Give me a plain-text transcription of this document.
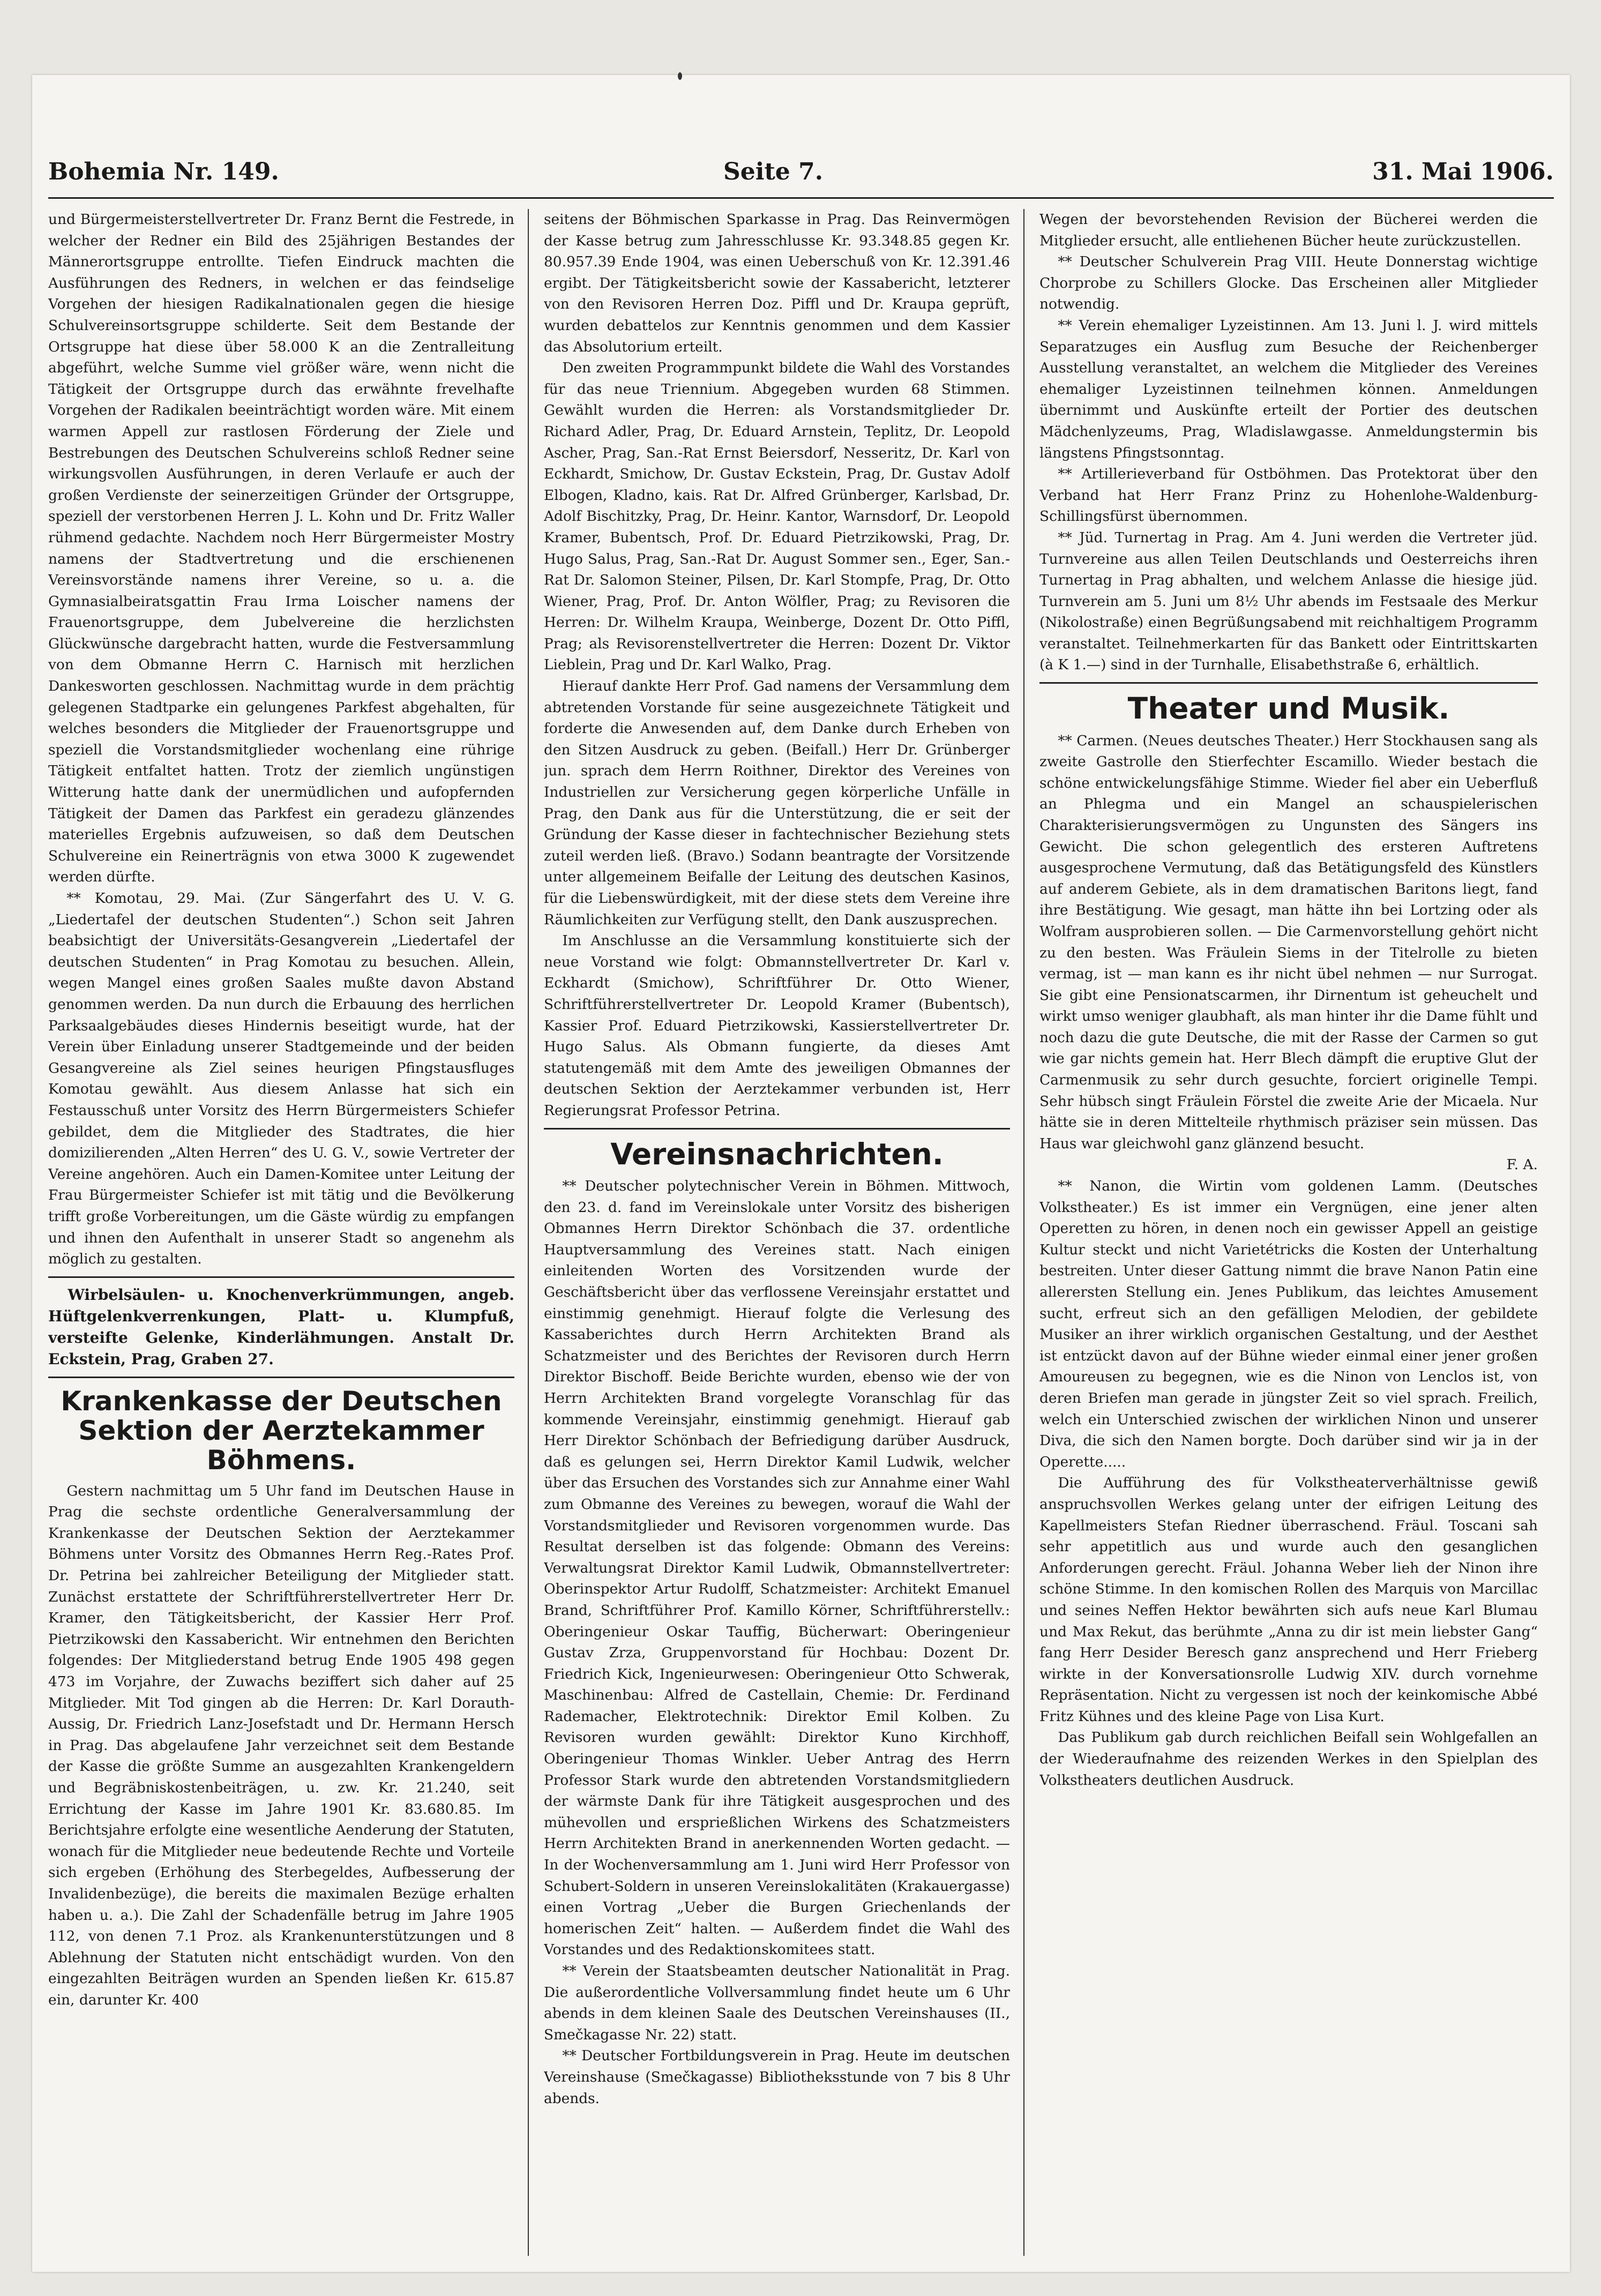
Bohemia Nr. 149.	Seite 7.	31. Mai 1906.

und Bürgermeisterstellvertreter Dr. Franz Bernt die Festrede, in welcher der Redner ein Bild des 25jährigen Bestandes der Männerortsgruppe entrollte. Tiefen Eindruck machten die Ausführungen des Redners, in welchen er das feindselige Vorgehen der hiesigen Radikalnationalen gegen die hiesige Schulvereinsortsgruppe schilderte. Seit dem Bestande der Ortsgruppe hat diese über 58.000 K an die Zentralleitung abgeführt, welche Summe viel größer wäre, wenn nicht die Tätigkeit der Ortsgruppe durch das erwähnte frevelhafte Vorgehen der Radikalen beeinträchtigt worden wäre. Mit einem warmen Appell zur rastlosen Förderung der Ziele und Bestrebungen des Deutschen Schulvereins schloß Redner seine wirkungsvollen Ausführungen, in deren Verlaufe er auch der großen Verdienste der seinerzeitigen Gründer der Ortsgruppe, speziell der verstorbenen Herren J. L. Kohn und Dr. Fritz Waller rühmend gedachte. Nachdem noch Herr Bürgermeister Mostry namens der Stadtvertretung und die erschienenen Vereinsvorstände namens ihrer Vereine, so u. a. die Gymnasialbeiratsgattin Frau Irma Loischer namens der Frauenortsgruppe, dem Jubelvereine die herzlichsten Glückwünsche dargebracht hatten, wurde die Festversammlung von dem Obmanne Herrn C. Harnisch mit herzlichen Dankesworten geschlossen. Nachmittag wurde in dem prächtig gelegenen Stadtparke ein gelungenes Parkfest abgehalten, für welches besonders die Mitglieder der Frauenortsgruppe und speziell die Vorstandsmitglieder wochenlang eine rührige Tätigkeit entfaltet hatten. Trotz der ziemlich ungünstigen Witterung hatte dank der unermüdlichen und aufopfernden Tätigkeit der Damen das Parkfest ein geradezu glänzendes materielles Ergebnis aufzuweisen, so daß dem Deutschen Schulvereine ein Reinerträgnis von etwa 3000 K zugewendet werden dürfte.

** Komotau, 29. Mai. (Zur Sängerfahrt des U. V. G. „Liedertafel der deutschen Studenten“.) Schon seit Jahren beabsichtigt der Universitäts-Gesangverein „Liedertafel der deutschen Studenten“ in Prag Komotau zu besuchen. Allein, wegen Mangel eines großen Saales mußte davon Abstand genommen werden. Da nun durch die Erbauung des herrlichen Parksaalgebäudes dieses Hindernis beseitigt wurde, hat der Verein über Einladung unserer Stadtgemeinde und der beiden Gesangvereine als Ziel seines heurigen Pfingstausfluges Komotau gewählt. Aus diesem Anlasse hat sich ein Festausschuß unter Vorsitz des Herrn Bürgermeisters Schiefer gebildet, dem die Mitglieder des Stadtrates, die hier domizilierenden „Alten Herren“ des U. G. V., sowie Vertreter der Vereine angehören. Auch ein Damen-Komitee unter Leitung der Frau Bürgermeister Schiefer ist mit tätig und die Bevölkerung trifft große Vorbereitungen, um die Gäste würdig zu empfangen und ihnen den Aufenthalt in unserer Stadt so angenehm als möglich zu gestalten.

Wirbelsäulen- u. Knochenverkrümmungen, angeb. Hüftgelenkverrenkungen, Platt- u. Klumpfuß, versteifte Gelenke, Kinderlähmungen. Anstalt Dr. Eckstein, Prag, Graben 27.

Krankenkasse der Deutschen Sektion der Aerztekammer Böhmens.

Gestern nachmittag um 5 Uhr fand im Deutschen Hause in Prag die sechste ordentliche Generalversammlung der Krankenkasse der Deutschen Sektion der Aerztekammer Böhmens unter Vorsitz des Obmannes Herrn Reg.-Rates Prof. Dr. Petrina bei zahlreicher Beteiligung der Mitglieder statt. Zunächst erstattete der Schriftführerstellvertreter Herr Dr. Kramer, den Tätigkeitsbericht, der Kassier Herr Prof. Pietrzikowski den Kassabericht. Wir entnehmen den Berichten folgendes: Der Mitgliederstand betrug Ende 1905 498 gegen 473 im Vorjahre, der Zuwachs beziffert sich daher auf 25 Mitglieder. Mit Tod gingen ab die Herren: Dr. Karl Dorauth-Aussig, Dr. Friedrich Lanz-Josefstadt und Dr. Hermann Hersch in Prag. Das abgelaufene Jahr verzeichnet seit dem Bestande der Kasse die größte Summe an ausgezahlten Krankengeldern und Begräbniskostenbeiträgen, u. zw. Kr. 21.240, seit Errichtung der Kasse im Jahre 1901 Kr. 83.680.85. Im Berichtsjahre erfolgte eine wesentliche Aenderung der Statuten, wonach für die Mitglieder neue bedeutende Rechte und Vorteile sich ergeben (Erhöhung des Sterbegeldes, Aufbesserung der Invalidenbezüge), die bereits die maximalen Bezüge erhalten haben u. a.). Die Zahl der Schadenfälle betrug im Jahre 1905 112, von denen 7.1 Proz. als Krankenunterstützungen und 8 Ablehnung der Statuten nicht entschädigt wurden. Von den eingezahlten Beiträgen wurden an Spenden ließen Kr. 615.87 ein, darunter Kr. 400

seitens der Böhmischen Sparkasse in Prag. Das Reinvermögen der Kasse betrug zum Jahresschlusse Kr. 93.348.85 gegen Kr. 80.957.39 Ende 1904, was einen Ueberschuß von Kr. 12.391.46 ergibt. Der Tätigkeitsbericht sowie der Kassabericht, letzterer von den Revisoren Herren Doz. Piffl und Dr. Kraupa geprüft, wurden debattelos zur Kenntnis genommen und dem Kassier das Absolutorium erteilt.

Den zweiten Programmpunkt bildete die Wahl des Vorstandes für das neue Triennium. Abgegeben wurden 68 Stimmen. Gewählt wurden die Herren: als Vorstandsmitglieder Dr. Richard Adler, Prag, Dr. Eduard Arnstein, Teplitz, Dr. Leopold Ascher, Prag, San.-Rat Ernst Beiersdorf, Nesseritz, Dr. Karl von Eckhardt, Smichow, Dr. Gustav Eckstein, Prag, Dr. Gustav Adolf Elbogen, Kladno, kais. Rat Dr. Alfred Grünberger, Karlsbad, Dr. Adolf Bischitzky, Prag, Dr. Heinr. Kantor, Warnsdorf, Dr. Leopold Kramer, Bubentsch, Prof. Dr. Eduard Pietrzikowski, Prag, Dr. Hugo Salus, Prag, San.-Rat Dr. August Sommer sen., Eger, San.-Rat Dr. Salomon Steiner, Pilsen, Dr. Karl Stompfe, Prag, Dr. Otto Wiener, Prag, Prof. Dr. Anton Wölfler, Prag; zu Revisoren die Herren: Dr. Wilhelm Kraupa, Weinberge, Dozent Dr. Otto Piffl, Prag; als Revisorenstellvertreter die Herren: Dozent Dr. Viktor Lieblein, Prag und Dr. Karl Walko, Prag.

Hierauf dankte Herr Prof. Gad namens der Versammlung dem abtretenden Vorstande für seine ausgezeichnete Tätigkeit und forderte die Anwesenden auf, dem Danke durch Erheben von den Sitzen Ausdruck zu geben. (Beifall.) Herr Dr. Grünberger jun. sprach dem Herrn Roithner, Direktor des Vereines von Industriellen zur Versicherung gegen körperliche Unfälle in Prag, den Dank aus für die Unterstützung, die er seit der Gründung der Kasse dieser in fachtechnischer Beziehung stets zuteil werden ließ. (Bravo.) Sodann beantragte der Vorsitzende unter allgemeinem Beifalle der Leitung des deutschen Kasinos, für die Liebenswürdigkeit, mit der diese stets dem Vereine ihre Räumlichkeiten zur Verfügung stellt, den Dank auszusprechen.

Im Anschlusse an die Versammlung konstituierte sich der neue Vorstand wie folgt: Obmannstellvertreter Dr. Karl v. Eckhardt (Smichow), Schriftführer Dr. Otto Wiener, Schriftführerstellvertreter Dr. Leopold Kramer (Bubentsch), Kassier Prof. Eduard Pietrzikowski, Kassierstellvertreter Dr. Hugo Salus. Als Obmann fungierte, da dieses Amt statutengemäß mit dem Amte des jeweiligen Obmannes der deutschen Sektion der Aerztekammer verbunden ist, Herr Regierungsrat Professor Petrina.

Vereinsnachrichten.

** Deutscher polytechnischer Verein in Böhmen. Mittwoch, den 23. d. fand im Vereinslokale unter Vorsitz des bisherigen Obmannes Herrn Direktor Schönbach die 37. ordentliche Hauptversammlung des Vereines statt. Nach einigen einleitenden Worten des Vorsitzenden wurde der Geschäftsbericht über das verflossene Vereinsjahr erstattet und einstimmig genehmigt. Hierauf folgte die Verlesung des Kassaberichtes durch Herrn Architekten Brand als Schatzmeister und des Berichtes der Revisoren durch Herrn Direktor Bischoff. Beide Berichte wurden, ebenso wie der von Herrn Architekten Brand vorgelegte Voranschlag für das kommende Vereinsjahr, einstimmig genehmigt. Hierauf gab Herr Direktor Schönbach der Befriedigung darüber Ausdruck, daß es gelungen sei, Herrn Direktor Kamil Ludwik, welcher über das Ersuchen des Vorstandes sich zur Annahme einer Wahl zum Obmanne des Vereines zu bewegen, worauf die Wahl der Vorstandsmitglieder und Revisoren vorgenommen wurde. Das Resultat derselben ist das folgende: Obmann des Vereins: Verwaltungsrat Direktor Kamil Ludwik, Obmannstellvertreter: Oberinspektor Artur Rudolff, Schatzmeister: Architekt Emanuel Brand, Schriftführer Prof. Kamillo Körner, Schriftführerstellv.: Oberingenieur Oskar Tauffig, Bücherwart: Oberingenieur Gustav Zrza, Gruppenvorstand für Hochbau: Dozent Dr. Friedrich Kick, Ingenieurwesen: Oberingenieur Otto Schwerak, Maschinenbau: Alfred de Castellain, Chemie: Dr. Ferdinand Rademacher, Elektrotechnik: Direktor Emil Kolben. Zu Revisoren wurden gewählt: Direktor Kuno Kirchhoff, Oberingenieur Thomas Winkler. Ueber Antrag des Herrn Professor Stark wurde den abtretenden Vorstandsmitgliedern der wärmste Dank für ihre Tätigkeit ausgesprochen und des mühevollen und ersprießlichen Wirkens des Schatzmeisters Herrn Architekten Brand in anerkennenden Worten gedacht. — In der Wochenversammlung am 1. Juni wird Herr Professor von Schubert-Soldern in unseren Vereinslokalitäten (Krakauergasse) einen Vortrag „Ueber die Burgen Griechenlands der homerischen Zeit“ halten. — Außerdem findet die Wahl des Vorstandes und des Redaktionskomitees statt.

** Verein der Staatsbeamten deutscher Nationalität in Prag. Die außerordentliche Vollversammlung findet heute um 6 Uhr abends in dem kleinen Saale des Deutschen Vereinshauses (II., Smečkagasse Nr. 22) statt.

** Deutscher Fortbildungsverein in Prag. Heute im deutschen Vereinshause (Smečkagasse) Bibliotheksstunde von 7 bis 8 Uhr abends.

Wegen der bevorstehenden Revision der Bücherei werden die Mitglieder ersucht, alle entliehenen Bücher heute zurückzustellen.

** Deutscher Schulverein Prag VIII. Heute Donnerstag wichtige Chorprobe zu Schillers Glocke. Das Erscheinen aller Mitglieder notwendig.

** Verein ehemaliger Lyzeistinnen. Am 13. Juni l. J. wird mittels Separatzuges ein Ausflug zum Besuche der Reichenberger Ausstellung veranstaltet, an welchem die Mitglieder des Vereines ehemaliger Lyzeistinnen teilnehmen können. Anmeldungen übernimmt und Auskünfte erteilt der Portier des deutschen Mädchenlyzeums, Prag, Wladislawgasse. Anmeldungstermin bis längstens Pfingstsonntag.

** Artillerieverband für Ostböhmen. Das Protektorat über den Verband hat Herr Franz Prinz zu Hohenlohe-Waldenburg-Schillingsfürst übernommen.

** Jüd. Turnertag in Prag. Am 4. Juni werden die Vertreter jüd. Turnvereine aus allen Teilen Deutschlands und Oesterreichs ihren Turnertag in Prag abhalten, und welchem Anlasse die hiesige jüd. Turnverein am 5. Juni um 8½ Uhr abends im Festsaale des Merkur (Nikolostraße) einen Begrüßungsabend mit reichhaltigem Programm veranstaltet. Teilnehmerkarten für das Bankett oder Eintrittskarten (à K 1.—) sind in der Turnhalle, Elisabethstraße 6, erhältlich.

Theater und Musik.

** Carmen. (Neues deutsches Theater.) Herr Stockhausen sang als zweite Gastrolle den Stierfechter Escamillo. Wieder bestach die schöne entwickelungsfähige Stimme. Wieder fiel aber ein Ueberfluß an Phlegma und ein Mangel an schauspielerischen Charakterisierungsvermögen zu Ungunsten des Sängers ins Gewicht. Die schon gelegentlich des ersteren Auftretens ausgesprochene Vermutung, daß das Betätigungsfeld des Künstlers auf anderem Gebiete, als in dem dramatischen Baritons liegt, fand ihre Bestätigung. Wie gesagt, man hätte ihn bei Lortzing oder als Wolfram ausprobieren sollen. — Die Carmenvorstellung gehört nicht zu den besten. Was Fräulein Siems in der Titelrolle zu bieten vermag, ist — man kann es ihr nicht übel nehmen — nur Surrogat. Sie gibt eine Pensionatscarmen, ihr Dirnentum ist geheuchelt und wirkt umso weniger glaubhaft, als man hinter ihr die Dame fühlt und noch dazu die gute Deutsche, die mit der Rasse der Carmen so gut wie gar nichts gemein hat. Herr Blech dämpft die eruptive Glut der Carmenmusik zu sehr durch gesuchte, forciert originelle Tempi. Sehr hübsch singt Fräulein Förstel die zweite Arie der Micaela. Nur hätte sie in deren Mittelteile rhythmisch präziser sein müssen. Das Haus war gleichwohl ganz glänzend besucht.

F. A.

** Nanon, die Wirtin vom goldenen Lamm. (Deutsches Volkstheater.) Es ist immer ein Vergnügen, eine jener alten Operetten zu hören, in denen noch ein gewisser Appell an geistige Kultur steckt und nicht Varietétricks die Kosten der Unterhaltung bestreiten. Unter dieser Gattung nimmt die brave Nanon Patin eine allerersten Stellung ein. Jenes Publikum, das leichtes Amusement sucht, erfreut sich an den gefälligen Melodien, der gebildete Musiker an ihrer wirklich organischen Gestaltung, und der Aesthet ist entzückt davon auf der Bühne wieder einmal einer jener großen Amoureusen zu begegnen, wie es die Ninon von Lenclos ist, von deren Briefen man gerade in jüngster Zeit so viel sprach. Freilich, welch ein Unterschied zwischen der wirklichen Ninon und unserer Diva, die sich den Namen borgte. Doch darüber sind wir ja in der Operette.....

Die Aufführung des für Volkstheaterverhältnisse gewiß anspruchsvollen Werkes gelang unter der eifrigen Leitung des Kapellmeisters Stefan Riedner überraschend. Fräul. Toscani sah sehr appetitlich aus und wurde auch den gesanglichen Anforderungen gerecht. Fräul. Johanna Weber lieh der Ninon ihre schöne Stimme. In den komischen Rollen des Marquis von Marcillac und seines Neffen Hektor bewährten sich aufs neue Karl Blumau und Max Rekut, das berühmte „Anna zu dir ist mein liebster Gang“ fang Herr Desider Beresch ganz ansprechend und Herr Frieberg wirkte in der Konversationsrolle Ludwig XIV. durch vornehme Repräsentation. Nicht zu vergessen ist noch der keinkomische Abbé Fritz Kühnes und des kleine Page von Lisa Kurt.

Das Publikum gab durch reichlichen Beifall sein Wohlgefallen an der Wiederaufnahme des reizenden Werkes in den Spielplan des Volkstheaters deutlichen Ausdruck.
